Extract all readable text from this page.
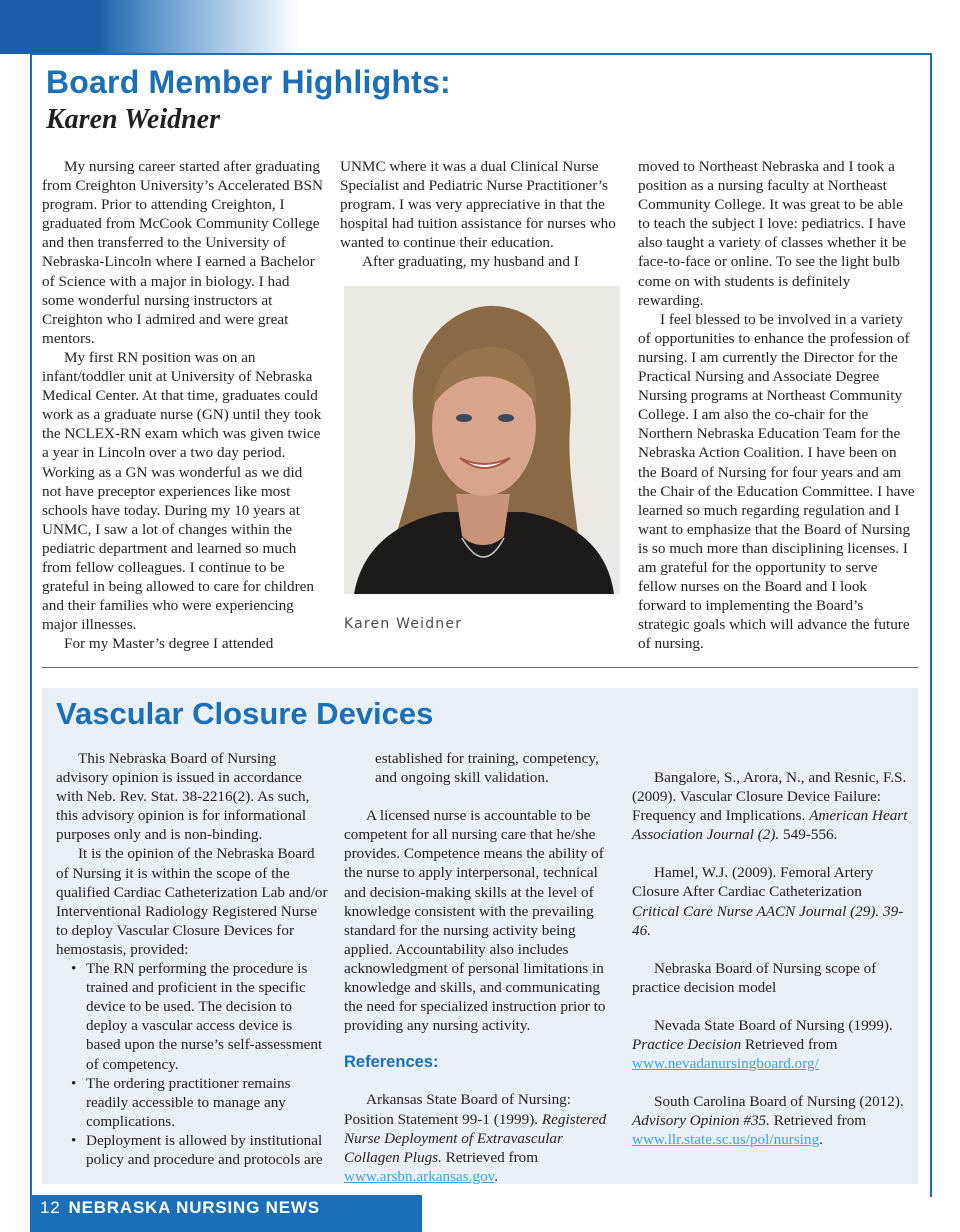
Board Member Highlights:
Karen Weidner

My nursing career started after graduating from Creighton University’s Accelerated BSN program. Prior to attending Creighton, I graduated from McCook Community College and then transferred to the University of Nebraska-Lincoln where I earned a Bachelor of Science with a major in biology. I had some wonderful nursing instructors at Creighton who I admired and were great mentors.

My first RN position was on an infant/toddler unit at University of Nebraska Medical Center. At that time, graduates could work as a graduate nurse (GN) until they took the NCLEX-RN exam which was given twice a year in Lincoln over a two day period. Working as a GN was wonderful as we did not have preceptor experiences like most schools have today. During my 10 years at UNMC, I saw a lot of changes within the pediatric department and learned so much from fellow colleagues. I continue to be grateful in being allowed to care for children and their families who were experiencing major illnesses.

For my Master’s degree I attended

UNMC where it was a dual Clinical Nurse Specialist and Pediatric Nurse Practitioner’s program. I was very appreciative in that the hospital had tuition assistance for nurses who wanted to continue their education.

After graduating, my husband and I

Karen Weidner

moved to Northeast Nebraska and I took a position as a nursing faculty at Northeast Community College. It was great to be able to teach the subject I love: pediatrics. I have also taught a variety of classes whether it be face-to-face or online. To see the light bulb come on with students is definitely rewarding.

I feel blessed to be involved in a variety of opportunities to enhance the profession of nursing. I am currently the Director for the Practical Nursing and Associate Degree Nursing programs at Northeast Community College. I am also the co-chair for the Northern Nebraska Education Team for the Nebraska Action Coalition. I have been on the Board of Nursing for four years and am the Chair of the Education Committee. I have learned so much regarding regulation and I want to emphasize that the Board of Nursing is so much more than disciplining licenses. I am grateful for the opportunity to serve fellow nurses on the Board and I look forward to implementing the Board’s strategic goals which will advance the future of nursing.

Vascular Closure Devices

This Nebraska Board of Nursing advisory opinion is issued in accordance with Neb. Rev. Stat. 38-2216(2). As such, this advisory opinion is for informational purposes only and is non-binding.

It is the opinion of the Nebraska Board of Nursing it is within the scope of the qualified Cardiac Catheterization Lab and/or Interventional Radiology Registered Nurse to deploy Vascular Closure Devices for hemostasis, provided:

• The RN performing the procedure is trained and proficient in the specific device to be used. The decision to deploy a vascular access device is based upon the nurse’s self-assessment of competency.
• The ordering practitioner remains readily accessible to manage any complications.
• Deployment is allowed by institutional policy and procedure and protocols are

established for training, competency, and ongoing skill validation.

A licensed nurse is accountable to be competent for all nursing care that he/she provides. Competence means the ability of the nurse to apply interpersonal, technical and decision-making skills at the level of knowledge consistent with the prevailing standard for the nursing activity being applied. Accountability also includes acknowledgment of personal limitations in knowledge and skills, and communicating the need for specialized instruction prior to providing any nursing activity.

References:

Arkansas State Board of Nursing: Position Statement 99-1 (1999). Registered Nurse Deployment of Extravascular Collagen Plugs. Retrieved from www.arsbn.arkansas.gov.

Bangalore, S., Arora, N., and Resnic, F.S. (2009). Vascular Closure Device Failure: Frequency and Implications. American Heart Association Journal (2). 549-556.

Hamel, W.J. (2009). Femoral Artery Closure After Cardiac Catheterization Critical Care Nurse AACN Journal (29). 39-46.

Nebraska Board of Nursing scope of practice decision model

Nevada State Board of Nursing (1999). Practice Decision Retrieved from www.nevadanursingboard.org/

South Carolina Board of Nursing (2012). Advisory Opinion #35. Retrieved from www.llr.state.sc.us/pol/nursing.

12 NEBRASKA NURSING NEWS
